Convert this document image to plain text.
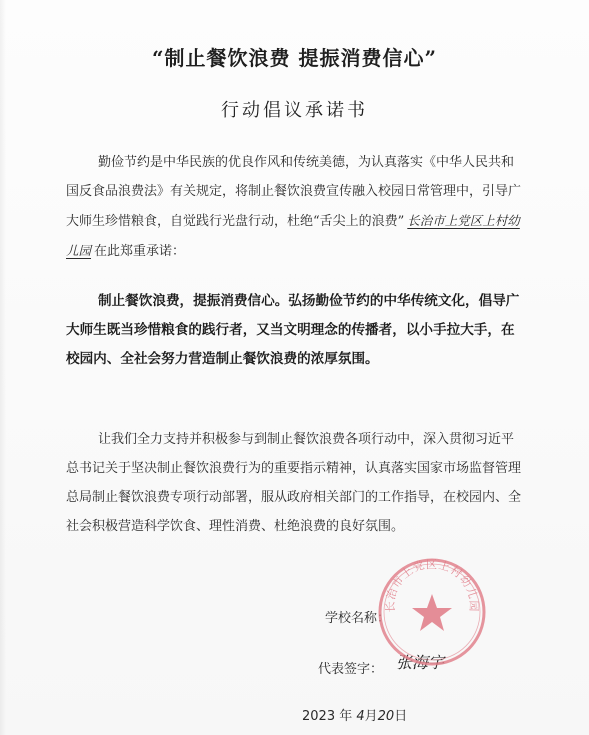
“制止餐饮浪费 提振消费信心”
行动倡议承诺书

勤俭节约是中华民族的优良作风和传统美德，为认真落实《中华人民共和国反食品浪费法》有关规定，将制止餐饮浪费宣传融入校园日常管理中，引导广大师生珍惜粮食，自觉践行光盘行动，杜绝“舌尖上的浪费” 长治市上党区上村幼儿园 在此郑重承诺：

制止餐饮浪费，提振消费信心。弘扬勤俭节约的中华传统文化，倡导广大师生既当珍惜粮食的践行者，又当文明理念的传播者，以小手拉大手，在校园内、全社会努力营造制止餐饮浪费的浓厚氛围。

让我们全力支持并积极参与到制止餐饮浪费各项行动中，深入贯彻习近平总书记关于坚决制止餐饮浪费行为的重要指示精神，认真落实国家市场监督管理总局制止餐饮浪费专项行动部署，服从政府相关部门的工作指导，在校园内、全社会积极营造科学饮食、理性消费、杜绝浪费的良好氛围。

学校名称：
代表签字： 张海宇
2023 年 4月20日
长治市上党区上村幼儿园
